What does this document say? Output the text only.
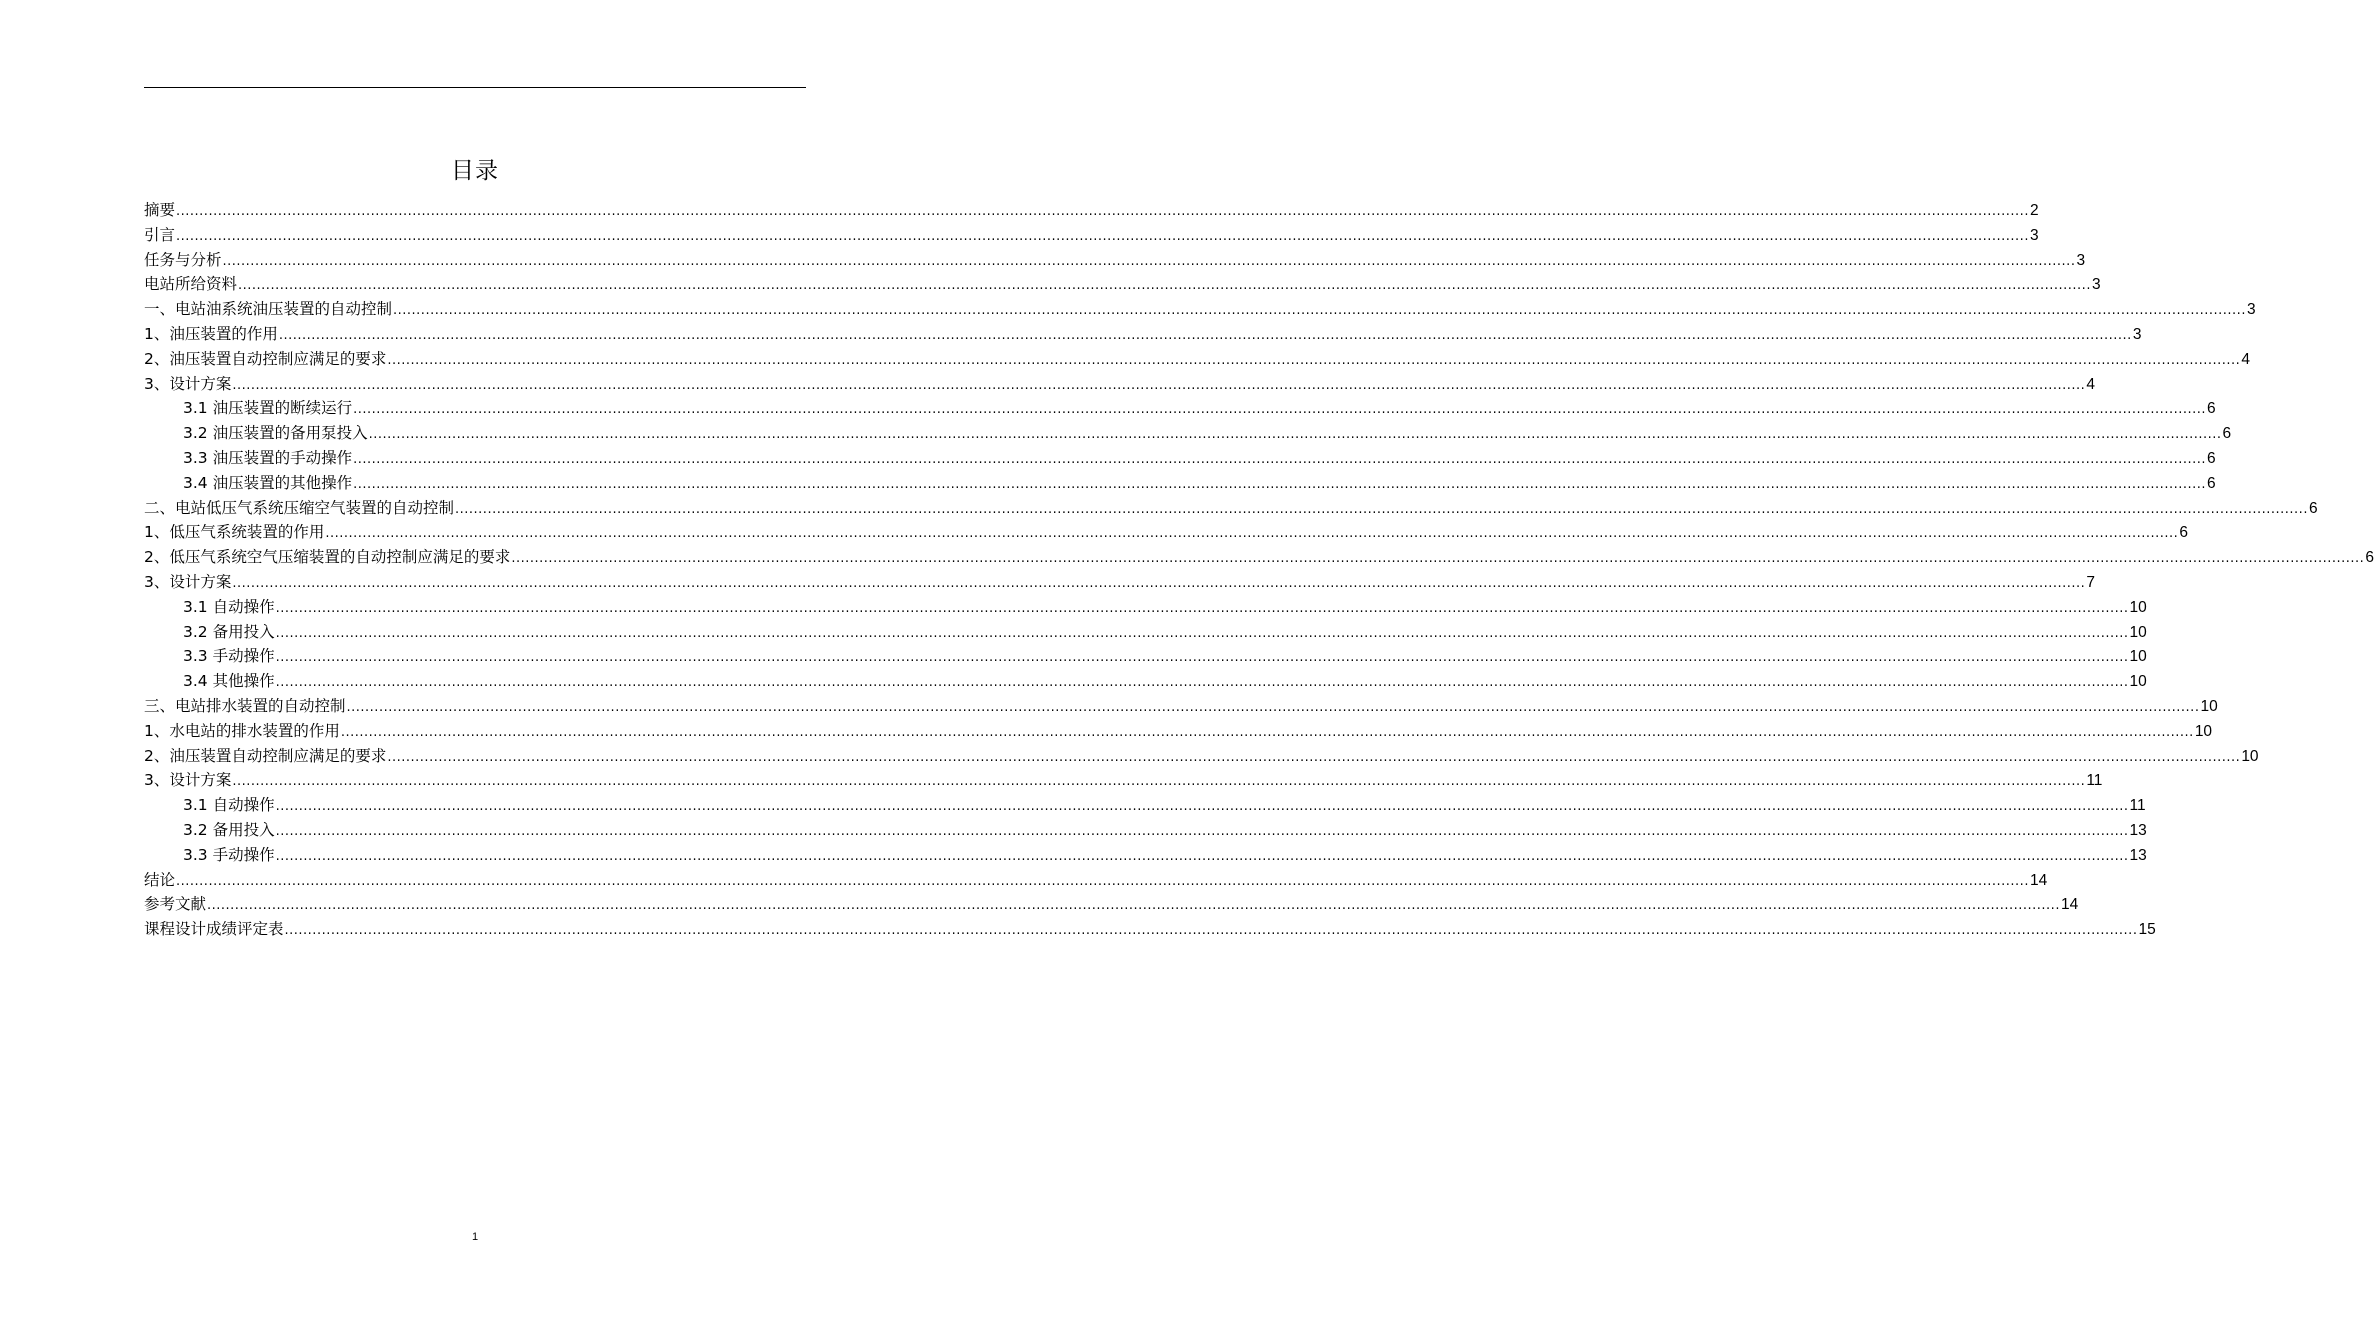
目录
摘要 ................................................................................................................................................................................................................................................................................................................................................................................................................ 2
引言 ................................................................................................................................................................................................................................................................................................................................................................................................................ 3
任务与分析 ................................................................................................................................................................................................................................................................................................................................................................................................................ 3
电站所给资料 ................................................................................................................................................................................................................................................................................................................................................................................................................ 3
一、电站油系统油压装置的自动控制 ................................................................................................................................................................................................................................................................................................................................................................................................................ 3
1、油压装置的作用 ................................................................................................................................................................................................................................................................................................................................................................................................................ 3
2、油压装置自动控制应满足的要求 ................................................................................................................................................................................................................................................................................................................................................................................................................ 4
3、设计方案 ................................................................................................................................................................................................................................................................................................................................................................................................................ 4
3.1 油压装置的断续运行 ................................................................................................................................................................................................................................................................................................................................................................................................................ 6
3.2 油压装置的备用泵投入 ................................................................................................................................................................................................................................................................................................................................................................................................................ 6
3.3 油压装置的手动操作 ................................................................................................................................................................................................................................................................................................................................................................................................................ 6
3.4 油压装置的其他操作 ................................................................................................................................................................................................................................................................................................................................................................................................................ 6
二、电站低压气系统压缩空气装置的自动控制 ................................................................................................................................................................................................................................................................................................................................................................................................................ 6
1、低压气系统装置的作用 ................................................................................................................................................................................................................................................................................................................................................................................................................ 6
2、低压气系统空气压缩装置的自动控制应满足的要求 ................................................................................................................................................................................................................................................................................................................................................................................................................ 6
3、设计方案 ................................................................................................................................................................................................................................................................................................................................................................................................................ 7
3.1 自动操作 ................................................................................................................................................................................................................................................................................................................................................................................................................ 10
3.2 备用投入 ................................................................................................................................................................................................................................................................................................................................................................................................................ 10
3.3 手动操作 ................................................................................................................................................................................................................................................................................................................................................................................................................ 10
3.4 其他操作 ................................................................................................................................................................................................................................................................................................................................................................................................................ 10
三、电站排水装置的自动控制 ................................................................................................................................................................................................................................................................................................................................................................................................................ 10
1、水电站的排水装置的作用 ................................................................................................................................................................................................................................................................................................................................................................................................................ 10
2、油压装置自动控制应满足的要求 ................................................................................................................................................................................................................................................................................................................................................................................................................ 10
3、设计方案 ................................................................................................................................................................................................................................................................................................................................................................................................................ 11
3.1 自动操作 ................................................................................................................................................................................................................................................................................................................................................................................................................ 11
3.2 备用投入 ................................................................................................................................................................................................................................................................................................................................................................................................................ 13
3.3 手动操作 ................................................................................................................................................................................................................................................................................................................................................................................................................ 13
结论 ................................................................................................................................................................................................................................................................................................................................................................................................................ 14
参考文献 ................................................................................................................................................................................................................................................................................................................................................................................................................ 14
课程设计成绩评定表 ................................................................................................................................................................................................................................................................................................................................................................................................................ 15
1
